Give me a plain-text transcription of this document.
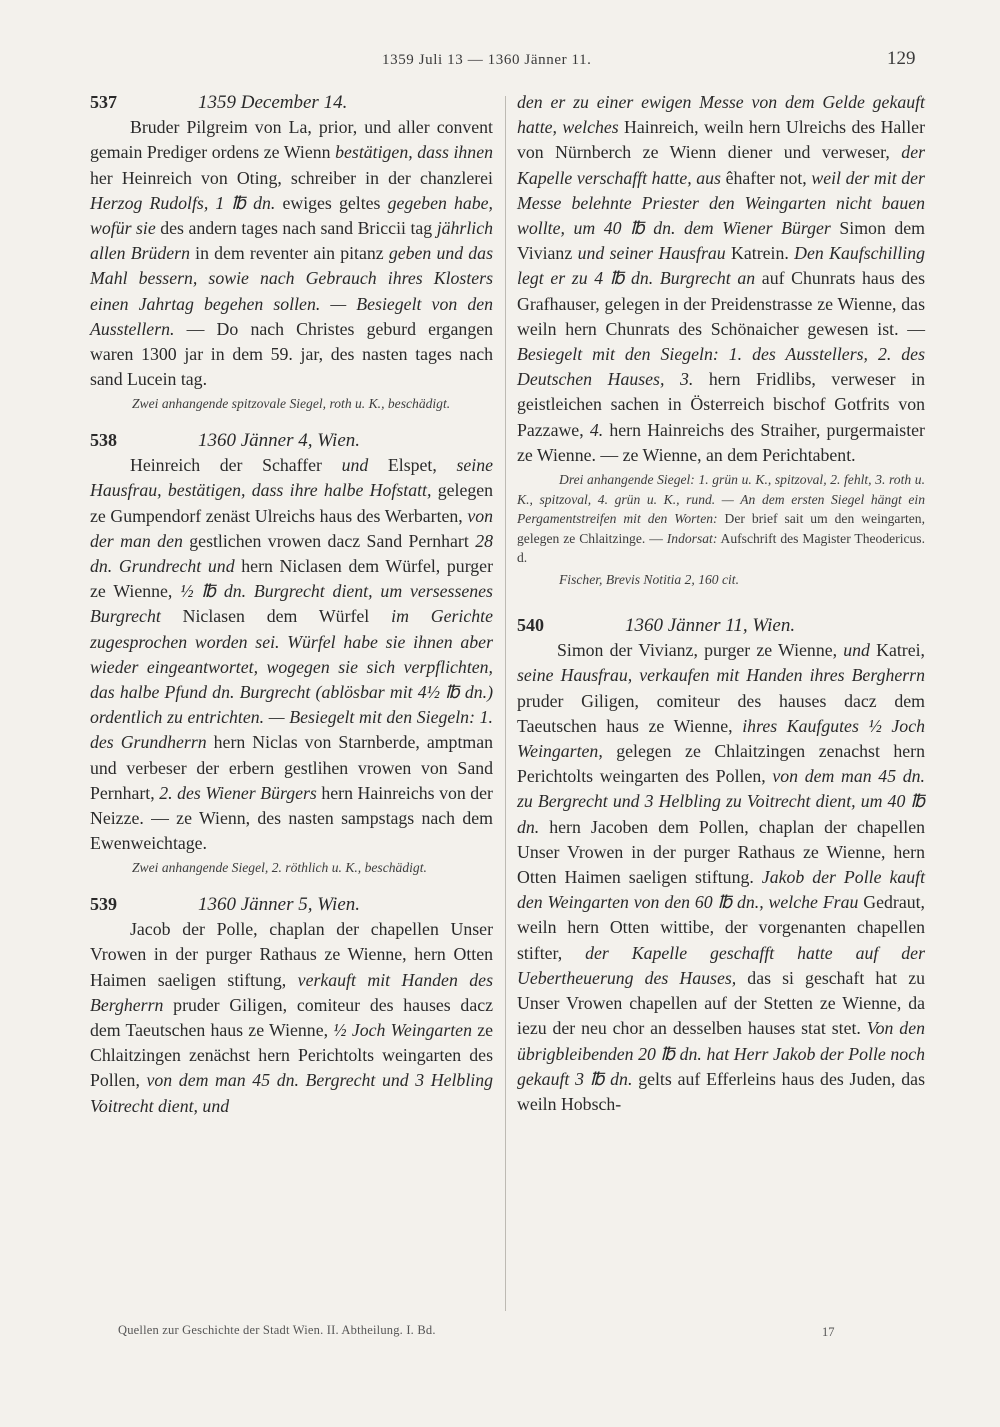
1359 Juli 13 — 1360 Jänner 11.	129
537	1359 December 14.

Bruder Pilgreim von La, prior, und aller convent gemain Prediger ordens ze Wienn bestätigen, dass ihnen her Heinreich von Oting, schreiber in der chanzlerei Herzog Rudolfs, 1 ℔ dn. ewiges geltes gegeben habe, wofür sie des andern tages nach sand Briccii tag jährlich allen Brüdern in dem reventer ain pitanz geben und das Mahl bessern, sowie nach Gebrauch ihres Klosters einen Jahrtag begehen sollen. — Besiegelt von den Ausstellern. — Do nach Christes geburd ergangen waren 1300 jar in dem 59. jar, des nasten tages nach sand Lucein tag.

Zwei anhangende spitzovale Siegel, roth u. K., beschädigt.

538	1360 Jänner 4, Wien.

Heinreich der Schaffer und Elspet, seine Hausfrau, bestätigen, dass ihre halbe Hofstatt, gelegen ze Gumpendorf zenäst Ulreichs haus des Werbarten, von der man den gestlichen vrowen dacz Sand Pernhart 28 dn. Grundrecht und hern Niclasen dem Würfel, purger ze Wienne, ½ ℔ dn. Burgrecht dient, um versessenes Burgrecht Niclasen dem Würfel im Gerichte zugesprochen worden sei. Würfel habe sie ihnen aber wieder eingeantwortet, wogegen sie sich verpflichten, das halbe Pfund dn. Burgrecht (ablösbar mit 4½ ℔ dn.) ordentlich zu entrichten. — Besiegelt mit den Siegeln: 1. des Grundherrn hern Niclas von Starnberde, amptman und verbeser der erbern gestlihen vrowen von Sand Pernhart, 2. des Wiener Bürgers hern Hainreichs von der Neizze. — ze Wienn, des nasten sampstags nach dem Ewenweichtage.

Zwei anhangende Siegel, 2. röthlich u. K., beschädigt.

539	1360 Jänner 5, Wien.

Jacob der Polle, chaplan der chapellen Unser Vrowen in der purger Rathaus ze Wienne, hern Otten Haimen saeligen stiftung, verkauft mit Handen des Bergherrn pruder Giligen, comiteur des hauses dacz dem Taeutschen haus ze Wienne, ½ Joch Weingarten ze Chlaitzingen zenächst hern Perichtolts weingarten des Pollen, von dem man 45 dn. Bergrecht und 3 Helbling Voitrecht dient, und

den er zu einer ewigen Messe von dem Gelde gekauft hatte, welches Hainreich, weiln hern Ulreichs des Haller von Nürnberch ze Wienn diener und verweser, der Kapelle verschafft hatte, aus êhafter not, weil der mit der Messe belehnte Priester den Weingarten nicht bauen wollte, um 40 ℔ dn. dem Wiener Bürger Simon dem Vivianz und seiner Hausfrau Katrein. Den Kaufschilling legt er zu 4 ℔ dn. Burgrecht an auf Chunrats haus des Grafhauser, gelegen in der Preidenstrasse ze Wienne, das weiln hern Chunrats des Schönaicher gewesen ist. — Besiegelt mit den Siegeln: 1. des Ausstellers, 2. des Deutschen Hauses, 3. hern Fridlibs, verweser in geistleichen sachen in Österreich bischof Gotfrits von Pazzawe, 4. hern Hainreichs des Straiher, purgermaister ze Wienne. — ze Wienne, an dem Perichtabent.

Drei anhangende Siegel: 1. grün u. K., spitzoval, 2. fehlt, 3. roth u. K., spitzoval, 4. grün u. K., rund. — An dem ersten Siegel hängt ein Pergamentstreifen mit den Worten: Der brief sait um den weingarten, gelegen ze Chlaitzinge. — Indorsat: Aufschrift des Magister Theodericus. d.

Fischer, Brevis Notitia 2, 160 cit.

540	1360 Jänner 11, Wien.

Simon der Vivianz, purger ze Wienne, und Katrei, seine Hausfrau, verkaufen mit Handen ihres Bergherrn pruder Giligen, comiteur des hauses dacz dem Taeutschen haus ze Wienne, ihres Kaufgutes ½ Joch Weingarten, gelegen ze Chlaitzingen zenachst hern Perichtolts weingarten des Pollen, von dem man 45 dn. zu Bergrecht und 3 Helbling zu Voitrecht dient, um 40 ℔ dn. hern Jacoben dem Pollen, chaplan der chapellen Unser Vrowen in der purger Rathaus ze Wienne, hern Otten Haimen saeligen stiftung. Jakob der Polle kauft den Weingarten von den 60 ℔ dn., welche Frau Gedraut, weiln hern Otten wittibe, der vorgenanten chapellen stifter, der Kapelle geschafft hatte auf der Uebertheuerung des Hauses, das si geschaft hat zu Unser Vrowen chapellen auf der Stetten ze Wienne, da iezu der neu chor an desselben hauses stat stet. Von den übrigbleibenden 20 ℔ dn. hat Herr Jakob der Polle noch gekauft 3 ℔ dn. gelts auf Efferleins haus des Juden, das weiln Hobsch-

Quellen zur Geschichte der Stadt Wien. II. Abtheilung. I. Bd.	17
